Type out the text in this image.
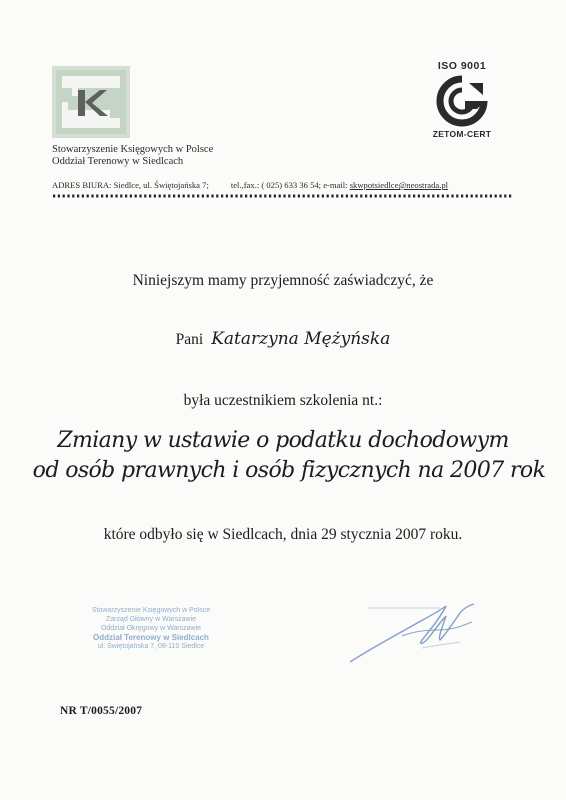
Stowarzyszenie Księgowych w Polsce
Oddział Terenowy w Siedlcach
ISO 9001
ZETOM-CERT
ADRES BIURA: Siedlce, ul. Świętojańska 7;	tel.,fax.: ( 025) 633 36 54; e-mail: skwpotsiedlce@neostrada.pl
Niniejszym mamy przyjemność zaświadczyć, że
Pani Katarzyna Mężyńska
była uczestnikiem szkolenia nt.:
Zmiany w ustawie o podatku dochodowym
od osób prawnych i osób fizycznych na 2007 rok
które odbyło się w Siedlcach, dnia 29 stycznia 2007 roku.
Stowarzyszenie Księgowych w Polsce
Zarząd Główny w Warszawie
Oddział Okręgowy w Warszawie
Oddział Terenowy w Siedlcach
ul. Świętojańska 7, 08-110 Siedlce
NR T/0055/2007
